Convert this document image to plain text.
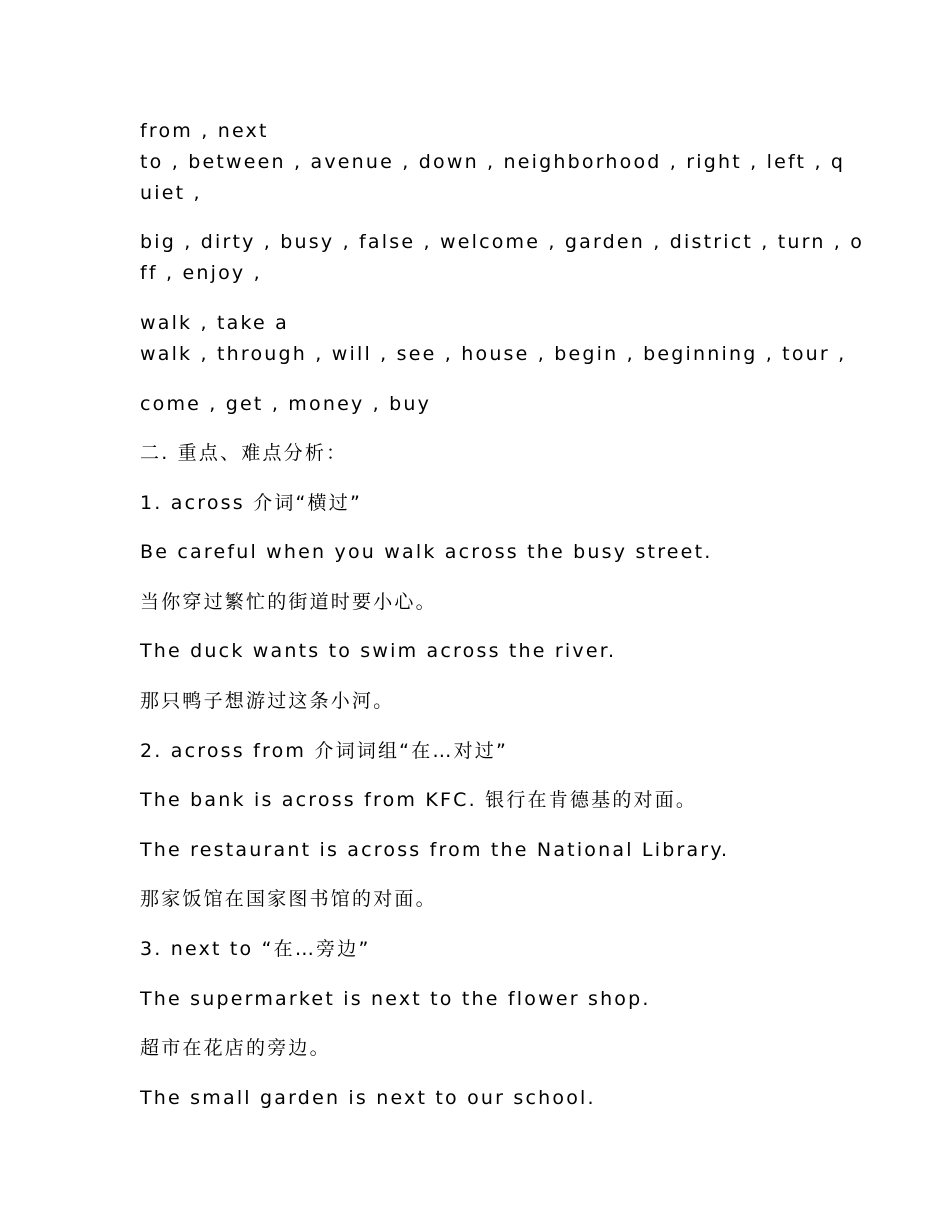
from , next
to , between , avenue , down , neighborhood , right , left , q
uiet ,
big , dirty , busy , false , welcome , garden , district , turn , o
ff , enjoy ,
walk , take a
walk , through , will , see , house , begin , beginning , tour ,
come , get , money , buy
二. 重点、难点分析：
1. across 介词“横过”
Be careful when you walk across the busy street.
当你穿过繁忙的街道时要小心。
The duck wants to swim across the river.
那只鸭子想游过这条小河。
2. across from 介词词组“在…对过”
The bank is across from KFC. 银行在肯德基的对面。
The restaurant is across from the National Library.
那家饭馆在国家图书馆的对面。
3. next to “在…旁边”
The supermarket is next to the flower shop.
超市在花店的旁边。
The small garden is next to our school.
